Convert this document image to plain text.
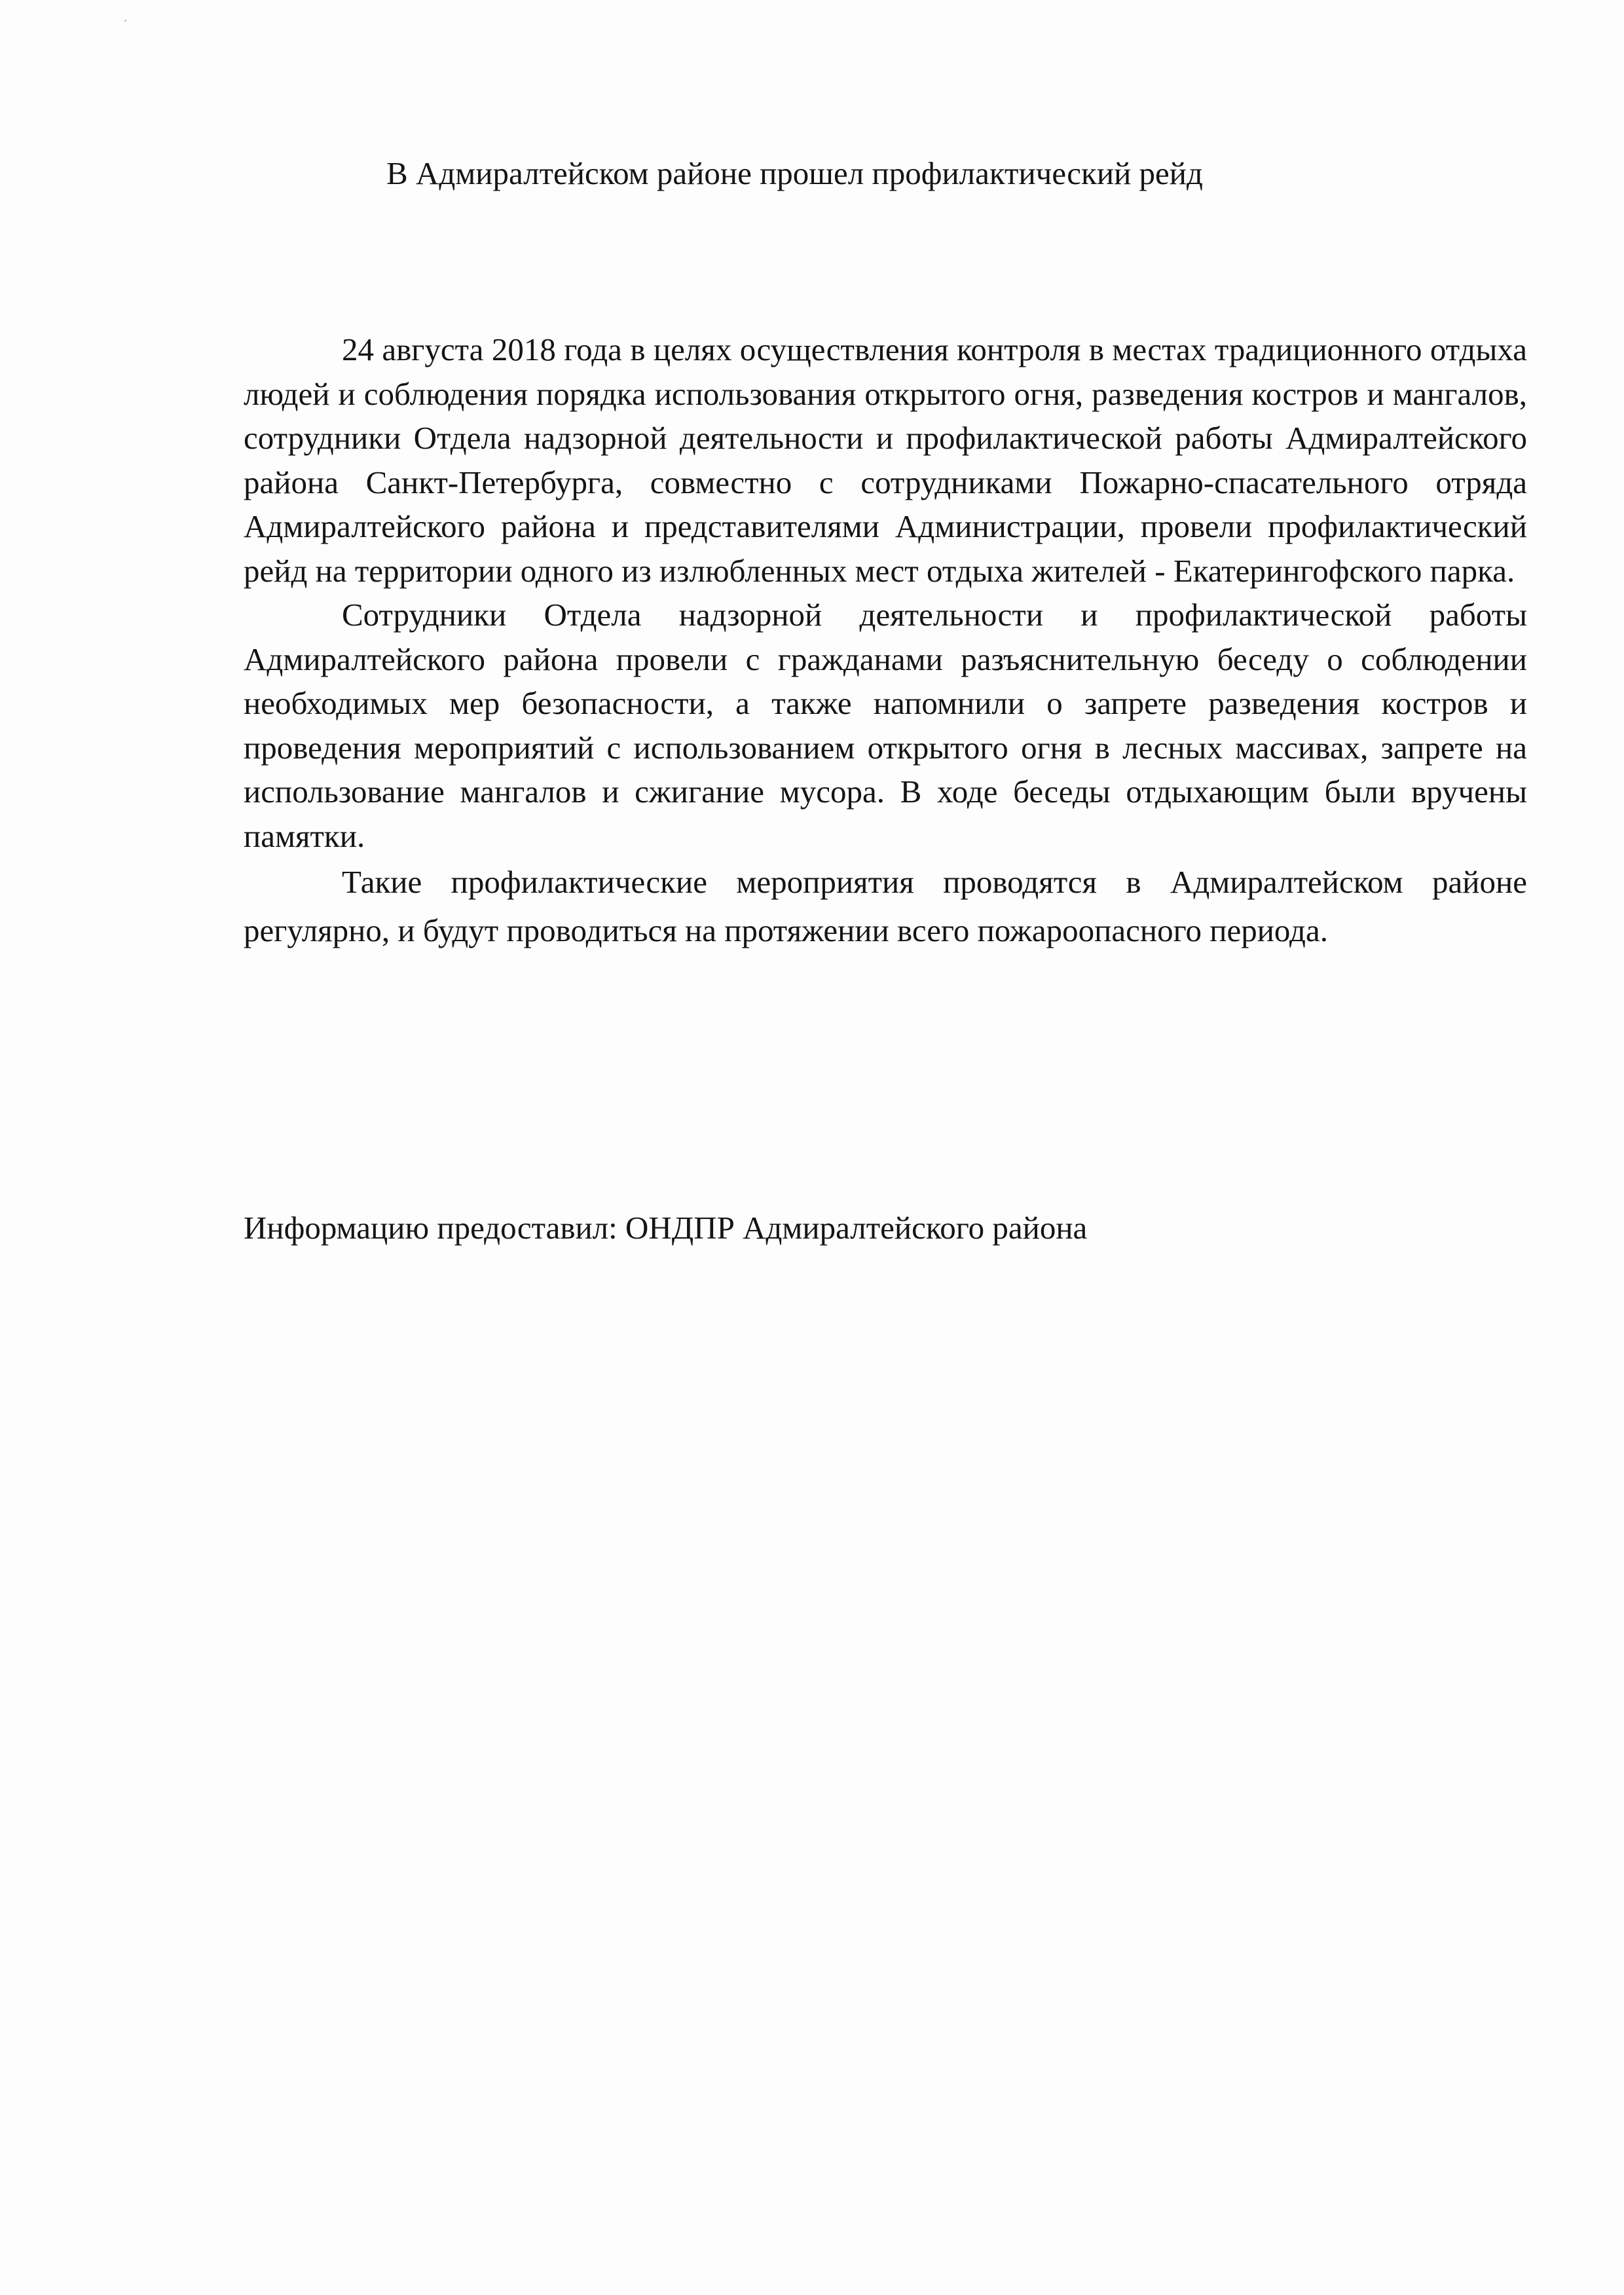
В Адмиралтейском районе прошел профилактический рейд

24 августа 2018 года в целях осуществления контроля в местах традиционного отдыха людей и соблюдения порядка использования открытого огня, разведения костров и мангалов, сотрудники Отдела надзорной деятельности и профилактической работы Адмиралтейского района Санкт-Петербурга, совместно с сотрудниками Пожарно-спасательного отряда Адмиралтейского района и представителями Администрации, провели профилактический рейд на территории одного из излюбленных мест отдыха жителей - Екатерингофского парка.

Сотрудники Отдела надзорной деятельности и профилактической работы Адмиралтейского района провели с гражданами разъяснительную беседу о соблюдении необходимых мер безопасности, а также напомнили о запрете разведения костров и проведения мероприятий с использованием открытого огня в лесных массивах, запрете на использование мангалов и сжигание мусора. В ходе беседы отдыхающим были вручены памятки.

Такие профилактические мероприятия проводятся в Адмиралтейском районе регулярно, и будут проводиться на протяжении всего пожароопасного периода.

Информацию предоставил: ОНДПР Адмиралтейского района
